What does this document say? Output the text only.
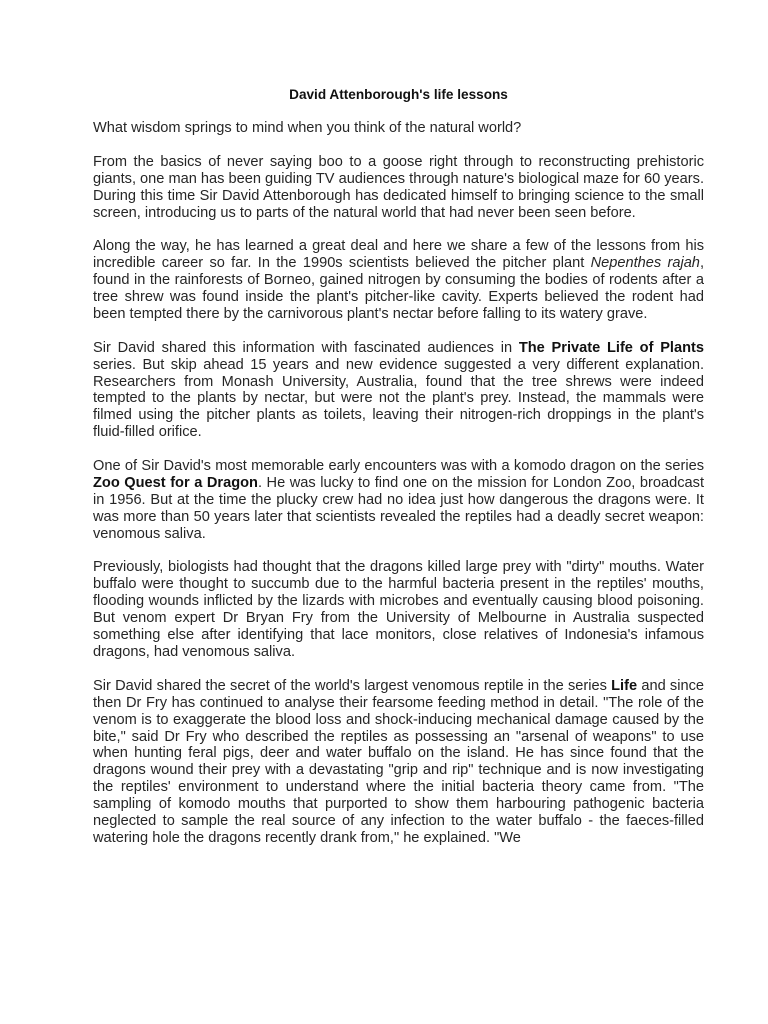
David Attenborough's life lessons

What wisdom springs to mind when you think of the natural world?

From the basics of never saying boo to a goose right through to reconstructing prehistoric giants, one man has been guiding TV audiences through nature's biological maze for 60 years. During this time Sir David Attenborough has dedicated himself to bringing science to the small screen, introducing us to parts of the natural world that had never been seen before.

Along the way, he has learned a great deal and here we share a few of the lessons from his incredible career so far. In the 1990s scientists believed the pitcher plant Nepenthes rajah, found in the rainforests of Borneo, gained nitrogen by consuming the bodies of rodents after a tree shrew was found inside the plant's pitcher-like cavity. Experts believed the rodent had been tempted there by the carnivorous plant's nectar before falling to its watery grave.

Sir David shared this information with fascinated audiences in The Private Life of Plants series. But skip ahead 15 years and new evidence suggested a very different explanation. Researchers from Monash University, Australia, found that the tree shrews were indeed tempted to the plants by nectar, but were not the plant's prey. Instead, the mammals were filmed using the pitcher plants as toilets, leaving their nitrogen-rich droppings in the plant's fluid-filled orifice.

One of Sir David's most memorable early encounters was with a komodo dragon on the series Zoo Quest for a Dragon. He was lucky to find one on the mission for London Zoo, broadcast in 1956. But at the time the plucky crew had no idea just how dangerous the dragons were. It was more than 50 years later that scientists revealed the reptiles had a deadly secret weapon: venomous saliva.

Previously, biologists had thought that the dragons killed large prey with "dirty" mouths. Water buffalo were thought to succumb due to the harmful bacteria present in the reptiles' mouths, flooding wounds inflicted by the lizards with microbes and eventually causing blood poisoning. But venom expert Dr Bryan Fry from the University of Melbourne in Australia suspected something else after identifying that lace monitors, close relatives of Indonesia's infamous dragons, had venomous saliva.

Sir David shared the secret of the world's largest venomous reptile in the series Life and since then Dr Fry has continued to analyse their fearsome feeding method in detail. "The role of the venom is to exaggerate the blood loss and shock-inducing mechanical damage caused by the bite," said Dr Fry who described the reptiles as possessing an "arsenal of weapons" to use when hunting feral pigs, deer and water buffalo on the island. He has since found that the dragons wound their prey with a devastating "grip and rip" technique and is now investigating the reptiles' environment to understand where the initial bacteria theory came from. "The sampling of komodo mouths that purported to show them harbouring pathogenic bacteria neglected to sample the real source of any infection to the water buffalo - the faeces-filled watering hole the dragons recently drank from," he explained. "We
